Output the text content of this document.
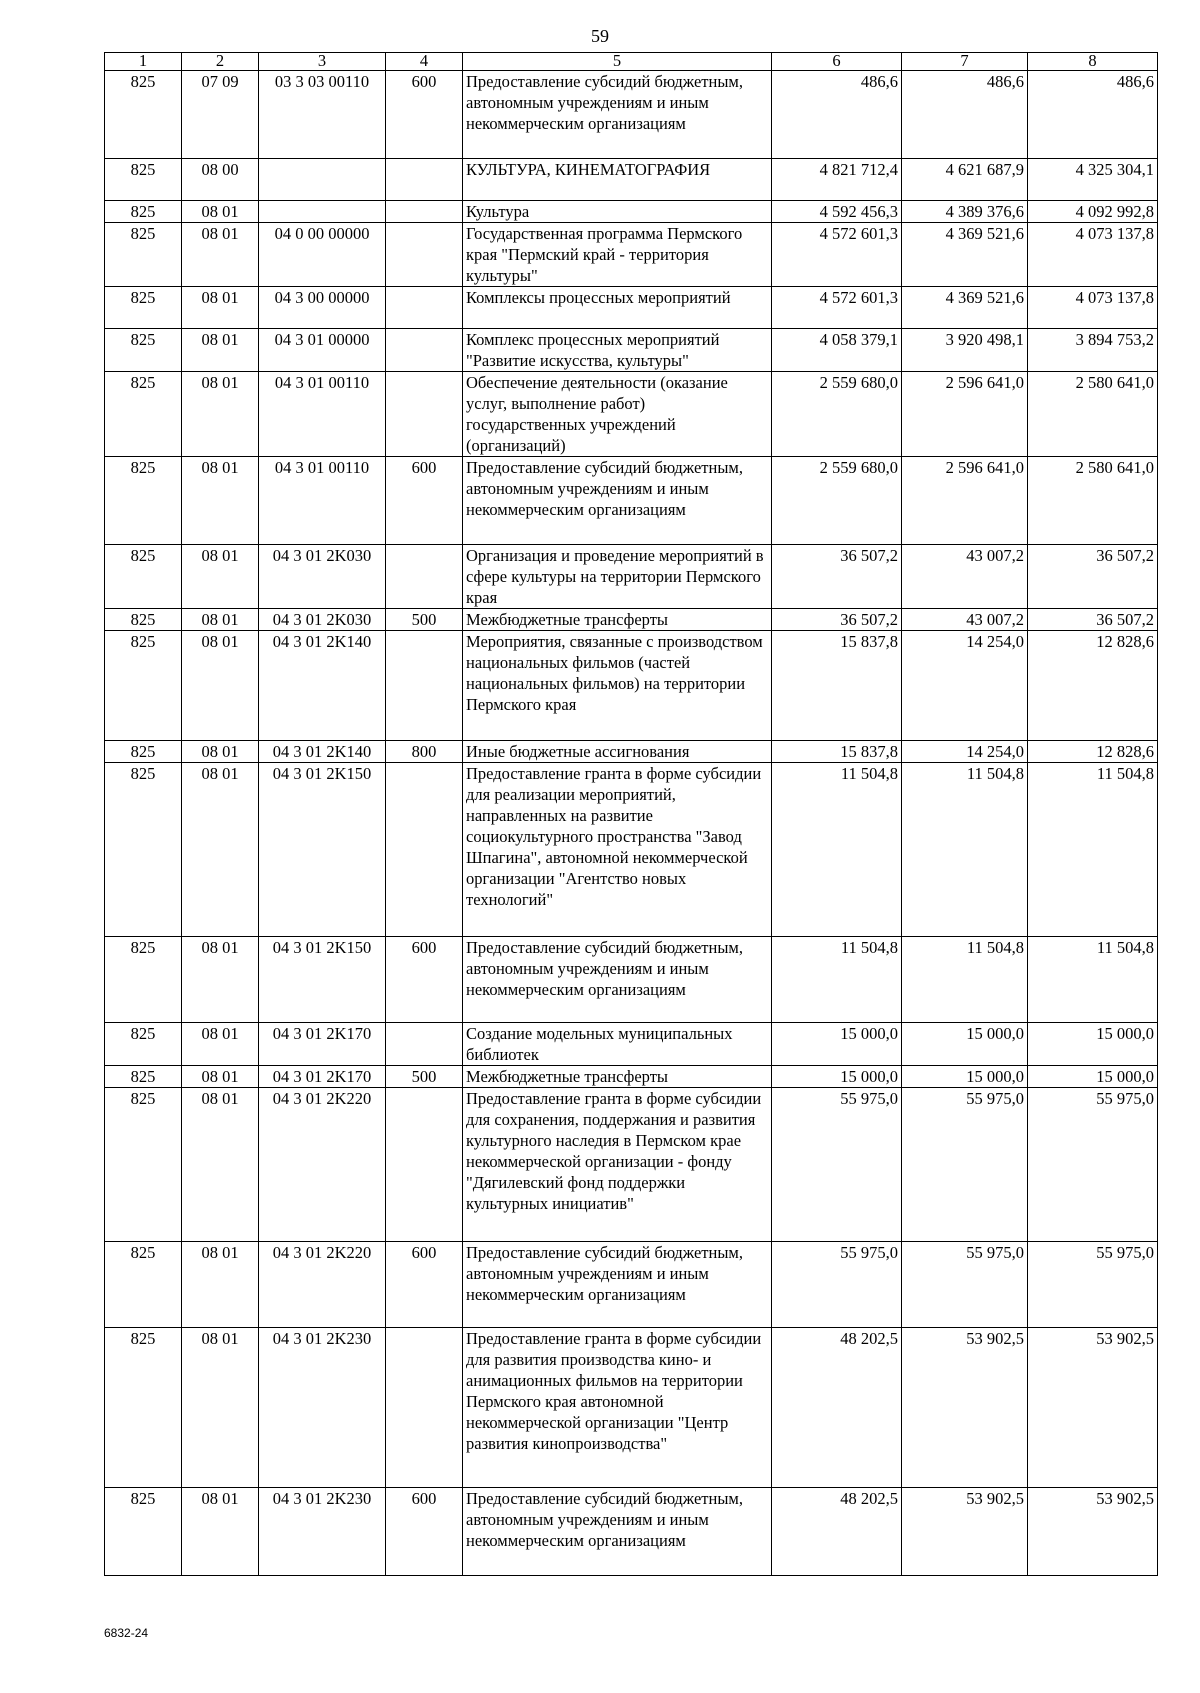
59
1	2	3	4	5	6	7	8
825	07 09	03 3 03 00110	600	Предоставление субсидий бюджетным, автономным учреждениям и иным некоммерческим организациям	486,6	486,6	486,6
825	08 00			КУЛЬТУРА, КИНЕМАТОГРАФИЯ	4 821 712,4	4 621 687,9	4 325 304,1
825	08 01			Культура	4 592 456,3	4 389 376,6	4 092 992,8
825	08 01	04 0 00 00000		Государственная программа Пермского края "Пермский край - территория культуры"	4 572 601,3	4 369 521,6	4 073 137,8
825	08 01	04 3 00 00000		Комплексы процессных мероприятий	4 572 601,3	4 369 521,6	4 073 137,8
825	08 01	04 3 01 00000		Комплекс процессных мероприятий "Развитие искусства, культуры"	4 058 379,1	3 920 498,1	3 894 753,2
825	08 01	04 3 01 00110		Обеспечение деятельности (оказание услуг, выполнение работ) государственных учреждений (организаций)	2 559 680,0	2 596 641,0	2 580 641,0
825	08 01	04 3 01 00110	600	Предоставление субсидий бюджетным, автономным учреждениям и иным некоммерческим организациям	2 559 680,0	2 596 641,0	2 580 641,0
825	08 01	04 3 01 2K030		Организация и проведение мероприятий в сфере культуры на территории Пермского края	36 507,2	43 007,2	36 507,2
825	08 01	04 3 01 2K030	500	Межбюджетные трансферты	36 507,2	43 007,2	36 507,2
825	08 01	04 3 01 2K140		Мероприятия, связанные с производством национальных фильмов (частей национальных фильмов) на территории Пермского края	15 837,8	14 254,0	12 828,6
825	08 01	04 3 01 2K140	800	Иные бюджетные ассигнования	15 837,8	14 254,0	12 828,6
825	08 01	04 3 01 2K150		Предоставление гранта в форме субсидии для реализации мероприятий, направленных на развитие социокультурного пространства "Завод Шпагина", автономной некоммерческой организации "Агентство новых технологий"	11 504,8	11 504,8	11 504,8
825	08 01	04 3 01 2K150	600	Предоставление субсидий бюджетным, автономным учреждениям и иным некоммерческим организациям	11 504,8	11 504,8	11 504,8
825	08 01	04 3 01 2K170		Создание модельных муниципальных библиотек	15 000,0	15 000,0	15 000,0
825	08 01	04 3 01 2K170	500	Межбюджетные трансферты	15 000,0	15 000,0	15 000,0
825	08 01	04 3 01 2K220		Предоставление гранта в форме субсидии для сохранения, поддержания и развития культурного наследия в Пермском крае некоммерческой организации - фонду "Дягилевский фонд поддержки культурных инициатив"	55 975,0	55 975,0	55 975,0
825	08 01	04 3 01 2K220	600	Предоставление субсидий бюджетным, автономным учреждениям и иным некоммерческим организациям	55 975,0	55 975,0	55 975,0
825	08 01	04 3 01 2K230		Предоставление гранта в форме субсидии для развития производства кино- и анимационных фильмов на территории Пермского края автономной некоммерческой организации "Центр развития кинопроизводства"	48 202,5	53 902,5	53 902,5
825	08 01	04 3 01 2K230	600	Предоставление субсидий бюджетным, автономным учреждениям и иным некоммерческим организациям	48 202,5	53 902,5	53 902,5
6832-24
